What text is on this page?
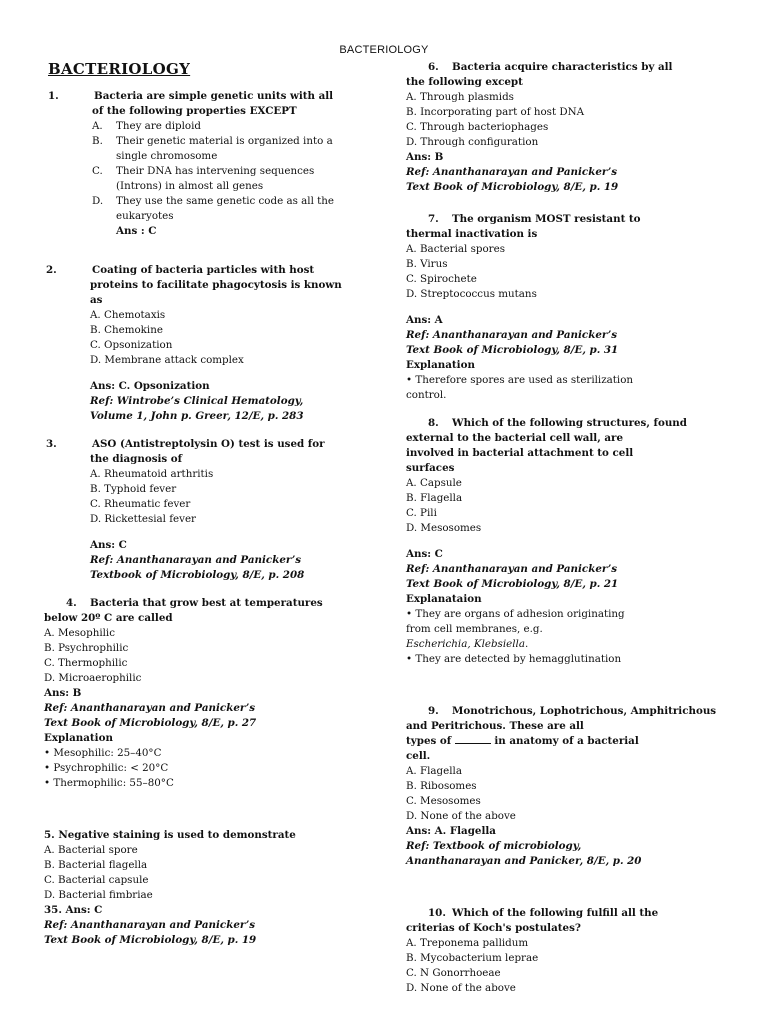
BACTERIOLOGY
BACTERIOLOGY
1.	Bacteria are simple genetic units with all of the following properties EXCEPT
A. They are diploid
B. Their genetic material is organized into a single chromosome
C. Their DNA has intervening sequences (Introns) in almost all genes
D. They use the same genetic code as all the eukaryotes
Ans : C
2.	Coating of bacteria particles with host proteins to facilitate phagocytosis is known as
A. Chemotaxis
B. Chemokine
C. Opsonization
D. Membrane attack complex
Ans: C. Opsonization
Ref: Wintrobe’s Clinical Hematology, Volume 1, John p. Greer, 12/E, p. 283
3.	ASO (Antistreptolysin O) test is used for the diagnosis of
A. Rheumatoid arthritis
B. Typhoid fever
C. Rheumatic fever
D. Rickettesial fever
Ans: C
Ref: Ananthanarayan and Panicker’s Textbook of Microbiology, 8/E, p. 208
4. Bacteria that grow best at temperatures
below 20º C are called
A. Mesophilic
B. Psychrophilic
C. Thermophilic
D. Microaerophilic
Ans: B
Ref: Ananthanarayan and Panicker’s
Text Book of Microbiology, 8/E, p. 27
Explanation
• Mesophilic: 25–40°C
• Psychrophilic: < 20°C
• Thermophilic: 55–80°C
5. Negative staining is used to demonstrate
A. Bacterial spore
B. Bacterial flagella
C. Bacterial capsule
D. Bacterial fimbriae
35. Ans: C
Ref: Ananthanarayan and Panicker’s
Text Book of Microbiology, 8/E, p. 19
6. Bacteria acquire characteristics by all
the following except
A. Through plasmids
B. Incorporating part of host DNA
C. Through bacteriophages
D. Through configuration
Ans: B
Ref: Ananthanarayan and Panicker’s
Text Book of Microbiology, 8/E, p. 19
7. The organism MOST resistant to
thermal inactivation is
A. Bacterial spores
B. Virus
C. Spirochete
D. Streptococcus mutans
Ans: A
Ref: Ananthanarayan and Panicker’s
Text Book of Microbiology, 8/E, p. 31
Explanation
• Therefore spores are used as sterilization
control.
8. Which of the following structures, found
external to the bacterial cell wall, are
involved in bacterial attachment to cell
surfaces
A. Capsule
B. Flagella
C. Pili
D. Mesosomes
Ans: C
Ref: Ananthanarayan and Panicker’s
Text Book of Microbiology, 8/E, p. 21
Explanataion
• They are organs of adhesion originating
from cell membranes, e.g.
Escherichia, Klebsiella.
• They are detected by hemagglutination
9. Monotrichous, Lophotrichous, Amphitrichous
and Peritrichous. These are all
types of	in anatomy of a bacterial
cell.
A. Flagella
B. Ribosomes
C. Mesosomes
D. None of the above
Ans: A. Flagella
Ref: Textbook of microbiology,
Ananthanarayan and Panicker, 8/E, p. 20
10. Which of the following fulfill all the
criterias of Koch's postulates?
A. Treponema pallidum
B. Mycobacterium leprae
C. N Gonorrhoeae
D. None of the above
